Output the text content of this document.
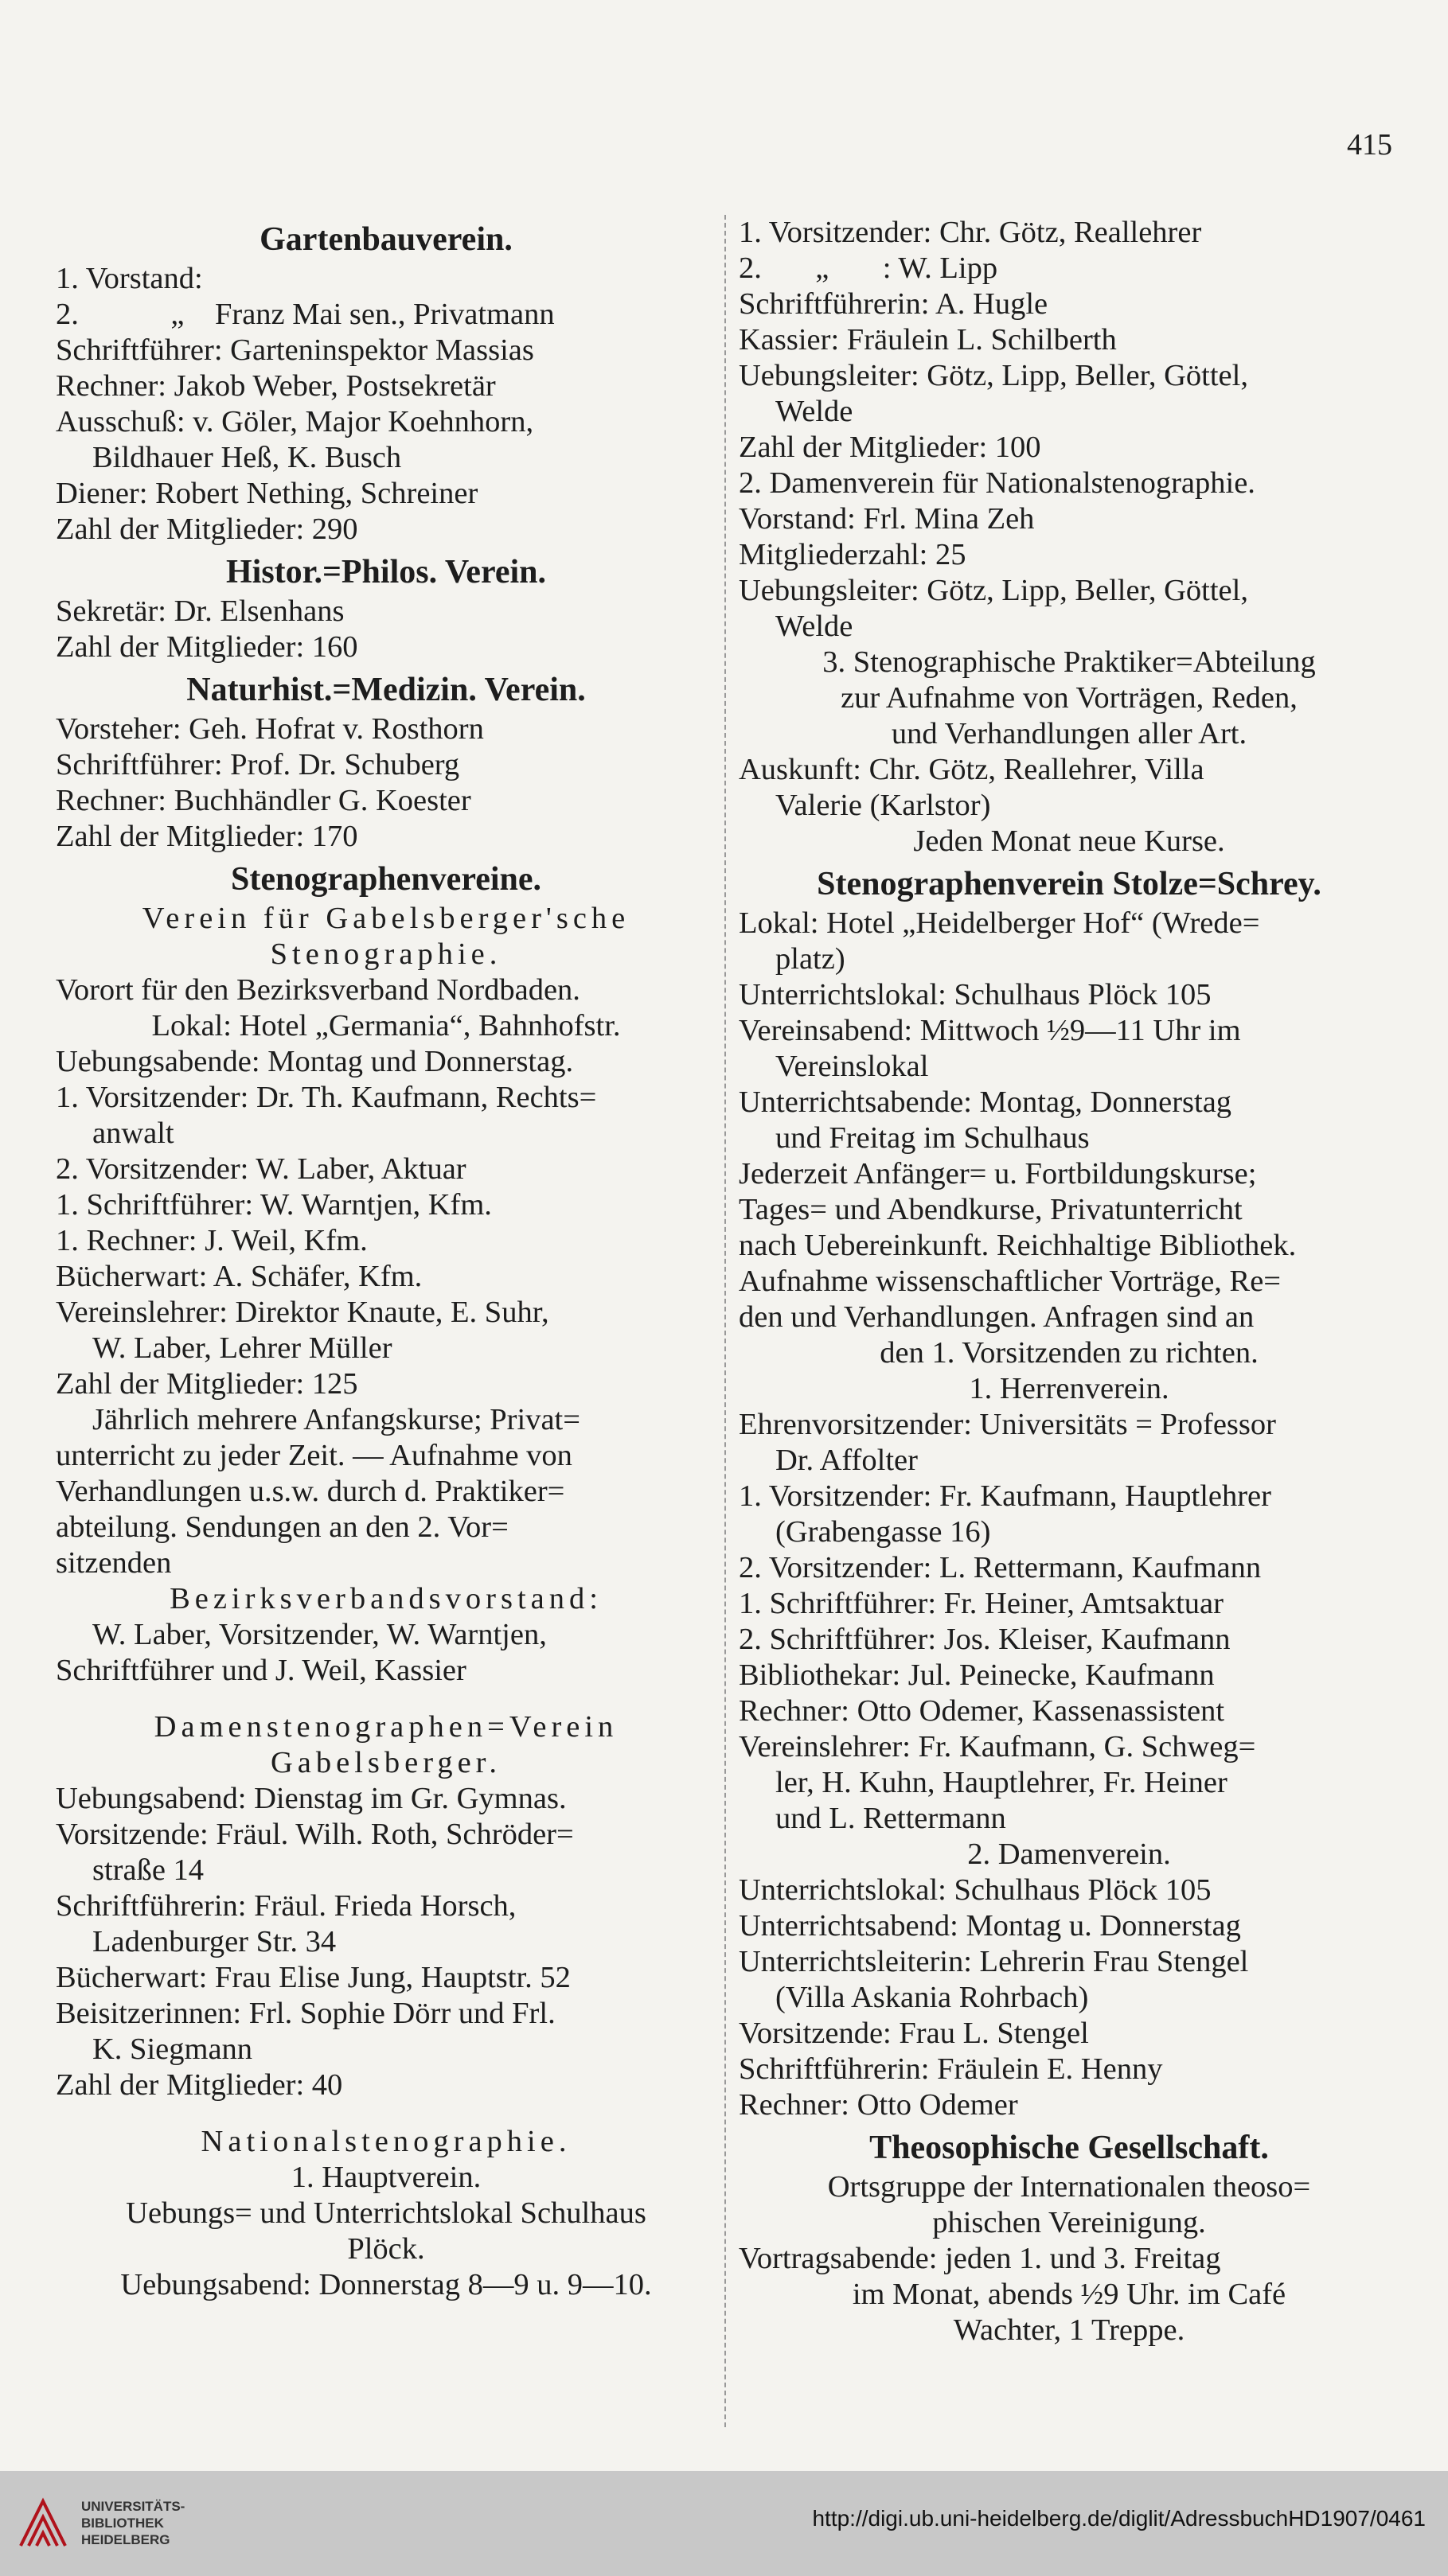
415

Gartenbauverein.

1. Vorstand:

2.            „    Franz Mai sen., Privatmann

Schriftführer: Garteninspektor Massias

Rechner: Jakob Weber, Postsekretär

Ausschuß: v. Göler, Major Koehnhorn,

Bildhauer Heß, K. Busch

Diener: Robert Nething, Schreiner

Zahl der Mitglieder: 290

Histor.=Philos. Verein.

Sekretär: Dr. Elsenhans

Zahl der Mitglieder: 160

Naturhist.=Medizin. Verein.

Vorsteher: Geh. Hofrat v. Rosthorn

Schriftführer: Prof. Dr. Schuberg

Rechner: Buchhändler G. Koester

Zahl der Mitglieder: 170

Stenographenvereine.

Verein für Gabelsberger'sche

Stenographie.

Vorort für den Bezirksverband Nordbaden.

Lokal: Hotel „Germania“, Bahnhofstr.

Uebungsabende: Montag und Donnerstag.

1. Vorsitzender: Dr. Th. Kaufmann, Rechts=

anwalt

2. Vorsitzender: W. Laber, Aktuar

1. Schriftführer: W. Warntjen, Kfm.

1. Rechner: J. Weil, Kfm.

Bücherwart: A. Schäfer, Kfm.

Vereinslehrer: Direktor Knaute, E. Suhr,

W. Laber, Lehrer Müller

Zahl der Mitglieder: 125

Jährlich mehrere Anfangskurse; Privat=

unterricht zu jeder Zeit. — Aufnahme von

Verhandlungen u.s.w. durch d. Praktiker=

abteilung. Sendungen an den 2. Vor=

sitzenden

Bezirksverbandsvorstand:

W. Laber, Vorsitzender, W. Warntjen,

Schriftführer und J. Weil, Kassier

Damenstenographen=Verein

Gabelsberger.

Uebungsabend: Dienstag im Gr. Gymnas.

Vorsitzende: Fräul. Wilh. Roth, Schröder=

straße 14

Schriftführerin: Fräul. Frieda Horsch,

Ladenburger Str. 34

Bücherwart: Frau Elise Jung, Hauptstr. 52

Beisitzerinnen: Frl. Sophie Dörr und Frl.

K. Siegmann

Zahl der Mitglieder: 40

Nationalstenographie.

1. Hauptverein.

Uebungs= und Unterrichtslokal Schulhaus

Plöck.

Uebungsabend: Donnerstag 8—9 u. 9—10.

1. Vorsitzender: Chr. Götz, Reallehrer

2.       „       : W. Lipp

Schriftführerin: A. Hugle

Kassier: Fräulein L. Schilberth

Uebungsleiter: Götz, Lipp, Beller, Göttel,

Welde

Zahl der Mitglieder: 100

2. Damenverein für Nationalstenographie.

Vorstand: Frl. Mina Zeh

Mitgliederzahl: 25

Uebungsleiter: Götz, Lipp, Beller, Göttel,

Welde

3. Stenographische Praktiker=Abteilung

zur Aufnahme von Vorträgen, Reden,

und Verhandlungen aller Art.

Auskunft: Chr. Götz, Reallehrer, Villa

Valerie (Karlstor)

Jeden Monat neue Kurse.

Stenographenverein Stolze=Schrey.

Lokal: Hotel „Heidelberger Hof“ (Wrede=

platz)

Unterrichtslokal: Schulhaus Plöck 105

Vereinsabend: Mittwoch ½9—11 Uhr im

Vereinslokal

Unterrichtsabende: Montag, Donnerstag

und Freitag im Schulhaus

Jederzeit Anfänger= u. Fortbildungskurse;

Tages= und Abendkurse, Privatunterricht

nach Uebereinkunft. Reichhaltige Bibliothek.

Aufnahme wissenschaftlicher Vorträge, Re=

den und Verhandlungen. Anfragen sind an

den 1. Vorsitzenden zu richten.

1. Herrenverein.

Ehrenvorsitzender: Universitäts = Professor

Dr. Affolter

1. Vorsitzender: Fr. Kaufmann, Hauptlehrer

(Grabengasse 16)

2. Vorsitzender: L. Rettermann, Kaufmann

1. Schriftführer: Fr. Heiner, Amtsaktuar

2. Schriftführer: Jos. Kleiser, Kaufmann

Bibliothekar: Jul. Peinecke, Kaufmann

Rechner: Otto Odemer, Kassenassistent

Vereinslehrer: Fr. Kaufmann, G. Schweg=

ler, H. Kuhn, Hauptlehrer, Fr. Heiner

und L. Rettermann

2. Damenverein.

Unterrichtslokal: Schulhaus Plöck 105

Unterrichtsabend: Montag u. Donnerstag

Unterrichtsleiterin: Lehrerin Frau Stengel

(Villa Askania Rohrbach)

Vorsitzende: Frau L. Stengel

Schriftführerin: Fräulein E. Henny

Rechner: Otto Odemer

Theosophische Gesellschaft.

Ortsgruppe der Internationalen theoso=

phischen Vereinigung.

Vortragsabende: jeden 1. und 3. Freitag

im Monat, abends ½9 Uhr. im Café

Wachter, 1 Treppe.

UNIVERSITÄTS-
BIBLIOTHEK
HEIDELBERG
http://digi.ub.uni-heidelberg.de/diglit/AdressbuchHD1907/0461
